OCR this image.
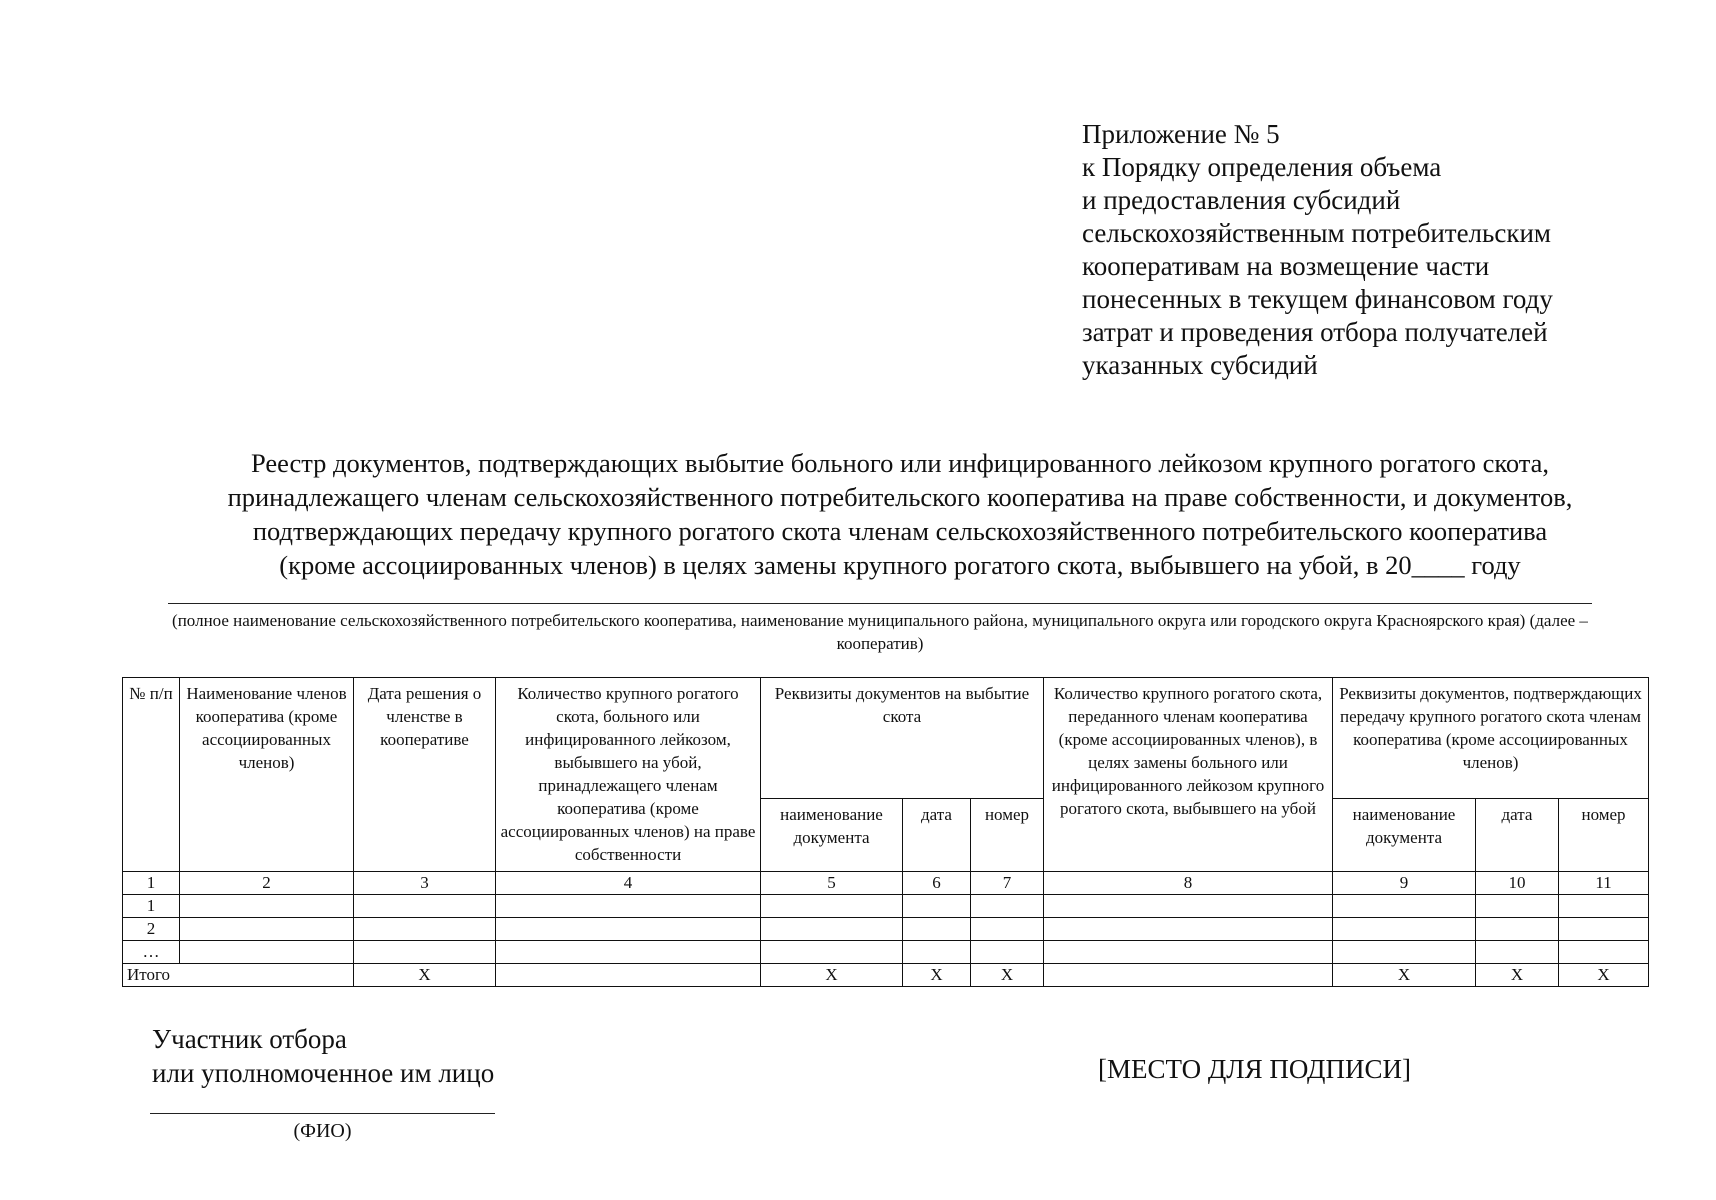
Приложение № 5
к Порядку определения объема
и предоставления субсидий
сельскохозяйственным потребительским
кооперативам на возмещение части
понесенных в текущем финансовом году
затрат и проведения отбора получателей
указанных субсидий
Реестр документов, подтверждающих выбытие больного или инфицированного лейкозом крупного рогатого скота,
принадлежащего членам сельскохозяйственного потребительского кооператива на праве собственности, и документов,
подтверждающих передачу крупного рогатого скота членам сельскохозяйственного потребительского кооператива
(кроме ассоциированных членов) в целях замены крупного рогатого скота, выбывшего на убой, в 20____ году
(полное наименование сельскохозяйственного потребительского кооператива, наименование муниципального района, муниципального округа или городского округа Красноярского края) (далее – кооператив)
№ п/п	Наименование членов кооператива (кроме ассоциированных членов)	Дата решения о членстве в кооперативе	Количество крупного рогатого скота, больного или инфицированного лейкозом, выбывшего на убой, принадлежащего членам кооператива (кроме ассоциированных членов) на праве собственности	Реквизиты документов на выбытие скота			Количество крупного рогатого скота, переданного членам кооператива (кроме ассоциированных членов), в целях замены больного или инфицированного лейкозом крупного рогатого скота, выбывшего на убой	Реквизиты документов, подтверждающих передачу крупного рогатого скота членам кооператива (кроме ассоциированных членов)		
				наименование документа	дата	номер		наименование документа	дата	номер
1	2	3	4	5	6	7	8	9	10	11
1										
2										
…										
Итого		Х		Х	Х	Х		Х	Х	Х
Участник отбора
или уполномоченное им лицо
(ФИО)
[МЕСТО ДЛЯ ПОДПИСИ]
